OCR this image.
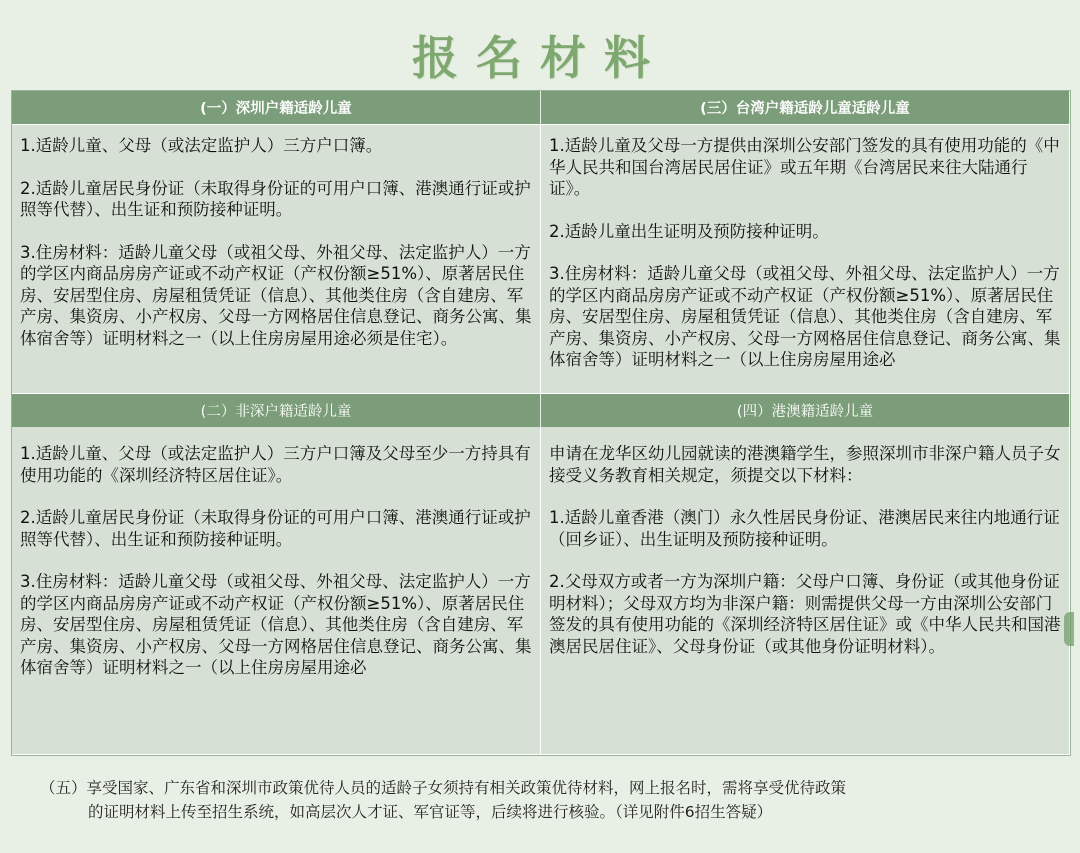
报名材料
(一）深圳户籍适龄儿童	(三）台湾户籍适龄儿童适龄儿童

1.适龄儿童、父母（或法定监护人）三方户口簿。

2.适龄儿童居民身份证（未取得身份证的可用户口簿、港澳通行证或护照等代替）、出生证和预防接种证明。

3.住房材料：适龄儿童父母（或祖父母、外祖父母、法定监护人）一方的学区内商品房房产证或不动产权证（产权份额≥51%）、原著居民住房、安居型住房、房屋租赁凭证（信息）、其他类住房（含自建房、军产房、集资房、小产权房、父母一方网格居住信息登记、商务公寓、集体宿舍等）证明材料之一（以上住房房屋用途必须是住宅）。

1.适龄儿童及父母一方提供由深圳公安部门签发的具有使用功能的《中华人民共和国台湾居民居住证》或五年期《台湾居民来往大陆通行证》。

2.适龄儿童出生证明及预防接种证明。

3.住房材料：适龄儿童父母（或祖父母、外祖父母、法定监护人）一方的学区内商品房房产证或不动产权证（产权份额≥51%）、原著居民住房、安居型住房、房屋租赁凭证（信息）、其他类住房（含自建房、军产房、集资房、小产权房、父母一方网格居住信息登记、商务公寓、集体宿舍等）证明材料之一（以上住房房屋用途必

(二）非深户籍适龄儿童	(四）港澳籍适龄儿童

1.适龄儿童、父母（或法定监护人）三方户口簿及父母至少一方持具有使用功能的《深圳经济特区居住证》。

2.适龄儿童居民身份证（未取得身份证的可用户口簿、港澳通行证或护照等代替）、出生证和预防接种证明。

3.住房材料：适龄儿童父母（或祖父母、外祖父母、法定监护人）一方的学区内商品房房产证或不动产权证（产权份额≥51%）、原著居民住房、安居型住房、房屋租赁凭证（信息）、其他类住房（含自建房、军产房、集资房、小产权房、父母一方网格居住信息登记、商务公寓、集体宿舍等）证明材料之一（以上住房房屋用途必

申请在龙华区幼儿园就读的港澳籍学生，参照深圳市非深户籍人员子女接受义务教育相关规定，须提交以下材料：

1.适龄儿童香港（澳门）永久性居民身份证、港澳居民来往内地通行证（回乡证）、出生证明及预防接种证明。

2.父母双方或者一方为深圳户籍：父母户口簿、身份证（或其他身份证明材料）；父母双方均为非深户籍：则需提供父母一方由深圳公安部门签发的具有使用功能的《深圳经济特区居住证》或《中华人民共和国港澳居民居住证》、父母身份证（或其他身份证明材料）。

（五）享受国家、广东省和深圳市政策优待人员的适龄子女须持有相关政策优待材料，网上报名时，需将享受优待政策
的证明材料上传至招生系统，如高层次人才证、军官证等，后续将进行核验。（详见附件6招生答疑）
